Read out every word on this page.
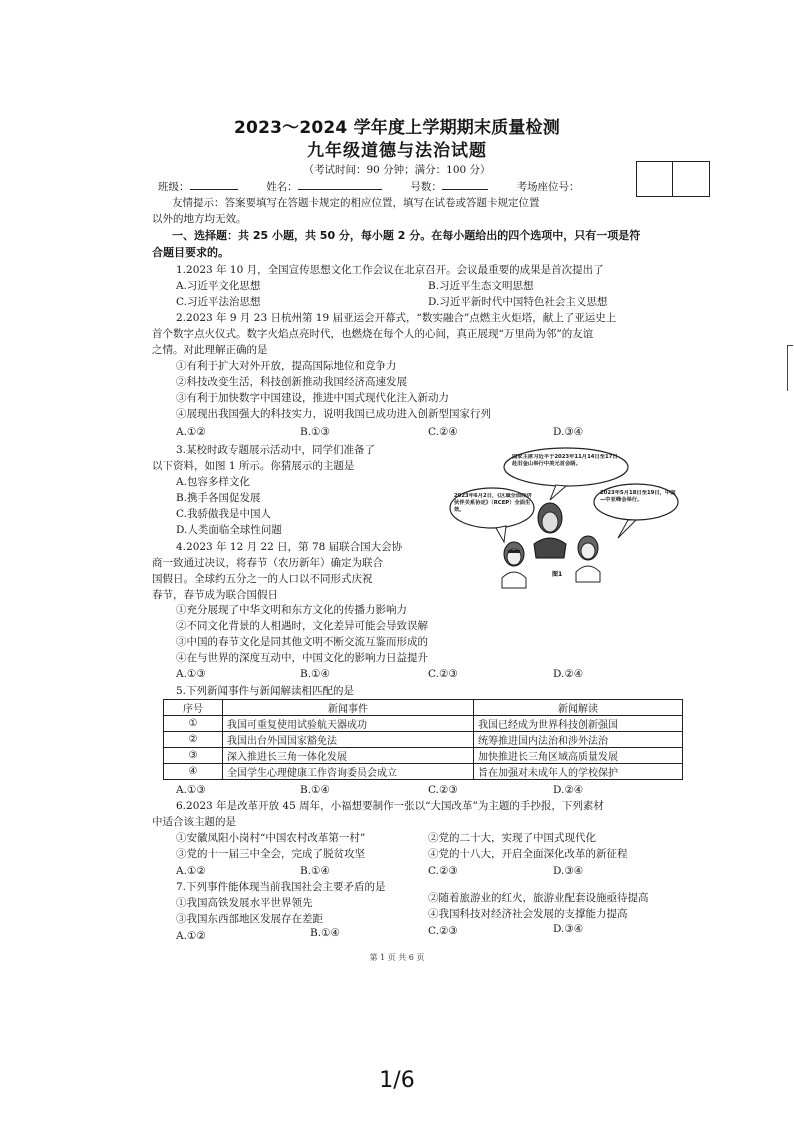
2023～2024 学年度上学期期末质量检测
九年级道德与法治试题
（考试时间：90 分钟；满分：100 分）
班级：	姓名：	号数：	考场座位号：
友情提示：答案要填写在答题卡规定的相应位置，填写在试卷或答题卡规定位置
以外的地方均无效。
一、选择题：共 25 小题，共 50 分，每小题 2 分。在每小题给出的四个选项中，只有一项是符
合题目要求的。
1.2023 年 10 月，全国宣传思想文化工作会议在北京召开。会议最重要的成果是首次提出了
A.习近平文化思想	B.习近平生态文明思想
C.习近平法治思想	D.习近平新时代中国特色社会主义思想
2.2023 年 9 月 23 日杭州第 19 届亚运会开幕式，“数实融合”点燃主火炬塔，献上了亚运史上
首个数字点火仪式。数字火焰点亮时代，也燃烧在每个人的心间，真正展现“万里尚为邻”的友谊
之情。对此理解正确的是
①有利于扩大对外开放，提高国际地位和竞争力
②科技改变生活，科技创新推动我国经济高速发展
③有利于加快数字中国建设，推进中国式现代化注入新动力
④展现出我国强大的科技实力，说明我国已成功进入创新型国家行列
A.①②	B.①③	C.②④	D.③④
3.某校时政专题展示活动中，同学们准备了
以下资料，如图 1 所示。你猜展示的主题是
A.包容多样文化
B.携手各国促发展
C.我骄傲我是中国人
D.人类面临全球性问题
国家主席习近平于2023年11月14日至17日赴旧金山举行中美元首会晤。
2023年6月2日，《区域全面经济伙伴关系协定》（RCEP）全面生效。
2023年5月18日至19日，中国—中亚峰会举行。
图1
4.2023 年 12 月 22 日，第 78 届联合国大会协
商一致通过决议，将春节（农历新年）确定为联合
国假日。全球约五分之一的人口以不同形式庆祝
春节，春节成为联合国假日
①充分展现了中华文明和东方文化的传播力影响力
②不同文化背景的人相遇时，文化差异可能会导致误解
③中国的春节文化是同其他文明不断交流互鉴而形成的
④在与世界的深度互动中，中国文化的影响力日益提升
A.①③	B.①④	C.②③	D.②④
5.下列新闻事件与新闻解读相匹配的是
序号	新闻事件	新闻解读
①	我国可重复使用试验航天器成功	我国已经成为世界科技创新强国
②	我国出台外国国家豁免法	统筹推进国内法治和涉外法治
③	深入推进长三角一体化发展	加快推进长三角区域高质量发展
④	全国学生心理健康工作咨询委员会成立	旨在加强对未成年人的学校保护
A.①③	B.①④	C.②③	D.②④
6.2023 年是改革开放 45 周年，小福想要制作一张以“大国改革”为主题的手抄报，下列素材
中适合该主题的是
①安徽凤阳小岗村“中国农村改革第一村”	②党的二十大，实现了中国式现代化
③党的十一届三中全会，完成了脱贫攻坚	④党的十八大，开启全面深化改革的新征程
A.①②	B.①④	C.②③	D.③④
7.下列事件能体现当前我国社会主要矛盾的是
①我国高铁发展水平世界领先	②随着旅游业的红火，旅游业配套设施亟待提高
③我国东西部地区发展存在差距	④我国科技对经济社会发展的支撑能力提高
A.①②	B.①④	C.②③	D.③④
第 1 页 共 6 页
1/6
